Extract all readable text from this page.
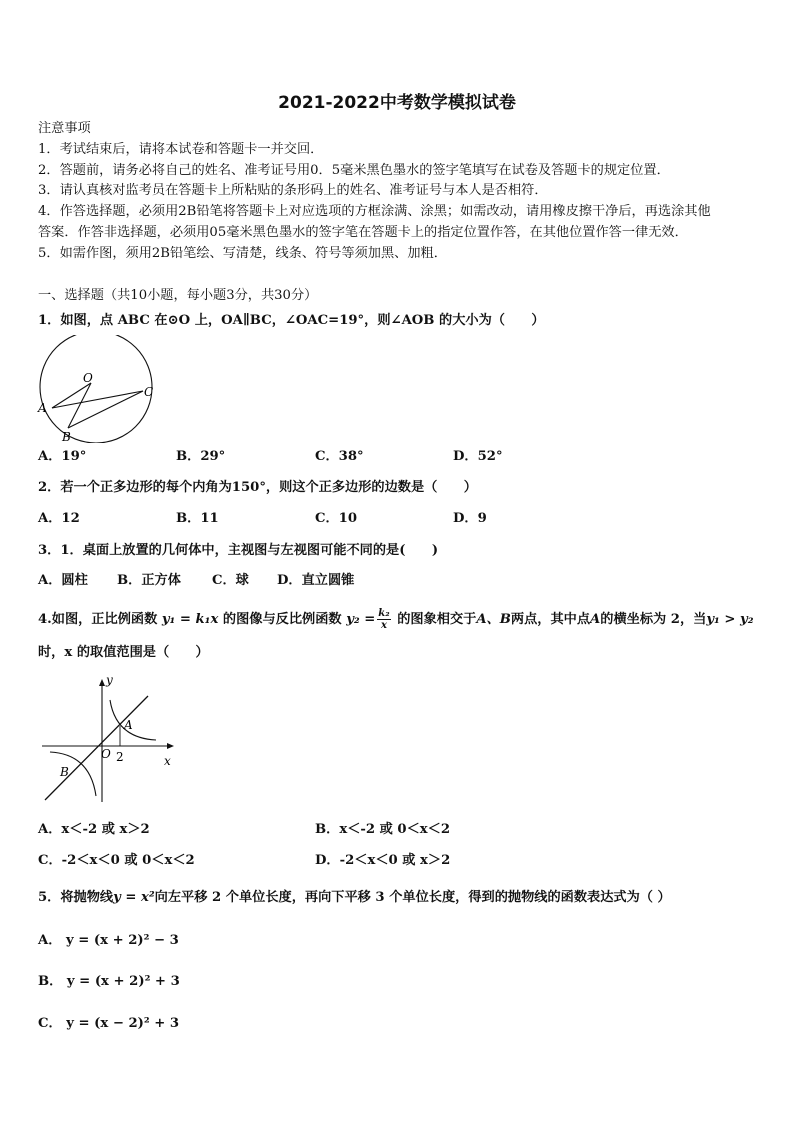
2021-2022中考数学模拟试卷
注意事项
1．考试结束后，请将本试卷和答题卡一并交回．
2．答题前，请务必将自己的姓名、准考证号用0．5毫米黑色墨水的签字笔填写在试卷及答题卡的规定位置．
3．请认真核对监考员在答题卡上所粘贴的条形码上的姓名、准考证号与本人是否相符．
4．作答选择题，必须用2B铅笔将答题卡上对应选项的方框涂满、涂黑；如需改动，请用橡皮擦干净后，再选涂其他
答案．作答非选择题，必须用05毫米黑色墨水的签字笔在答题卡上的指定位置作答，在其他位置作答一律无效．
5．如需作图，须用2B铅笔绘、写清楚，线条、符号等须加黑、加粗．
一、选择题（共10小题，每小题3分，共30分）
1．如图，点 ABC 在⊙O 上，OA∥BC，∠OAC=19°，则∠AOB 的大小为（　　）
O
A
B
C
A．19°	B．29°	C．38°	D．52°
2．若一个正多边形的每个内角为150°，则这个正多边形的边数是（　　）
A．12	B．11	C．10	D．9
3．1．桌面上放置的几何体中，主视图与左视图可能不同的是(　　)
A．圆柱 B．正方体 C．球 D．直立圆锥
4.如图，正比例函数 y₁ = k₁x 的图像与反比例函数 $y_2 = \frac{\text{k₂}}{x}$ 的图象相交于A、B两点，其中点A的横坐标为 2，当y₁ > y₂
时，x 的取值范围是（　　）
y
x
O 2
A
B
A．x＜-2 或 x＞2	B．x＜-2 或 0＜x＜2
C．-2＜x＜0 或 0＜x＜2	D．-2＜x＜0 或 x＞2
5．将抛物线y = x²向左平移 2 个单位长度，再向下平移 3 个单位长度，得到的抛物线的函数表达式为（ ）
A． y = (x + 2)² − 3
B． y = (x + 2)² + 3
C． y = (x − 2)² + 3
